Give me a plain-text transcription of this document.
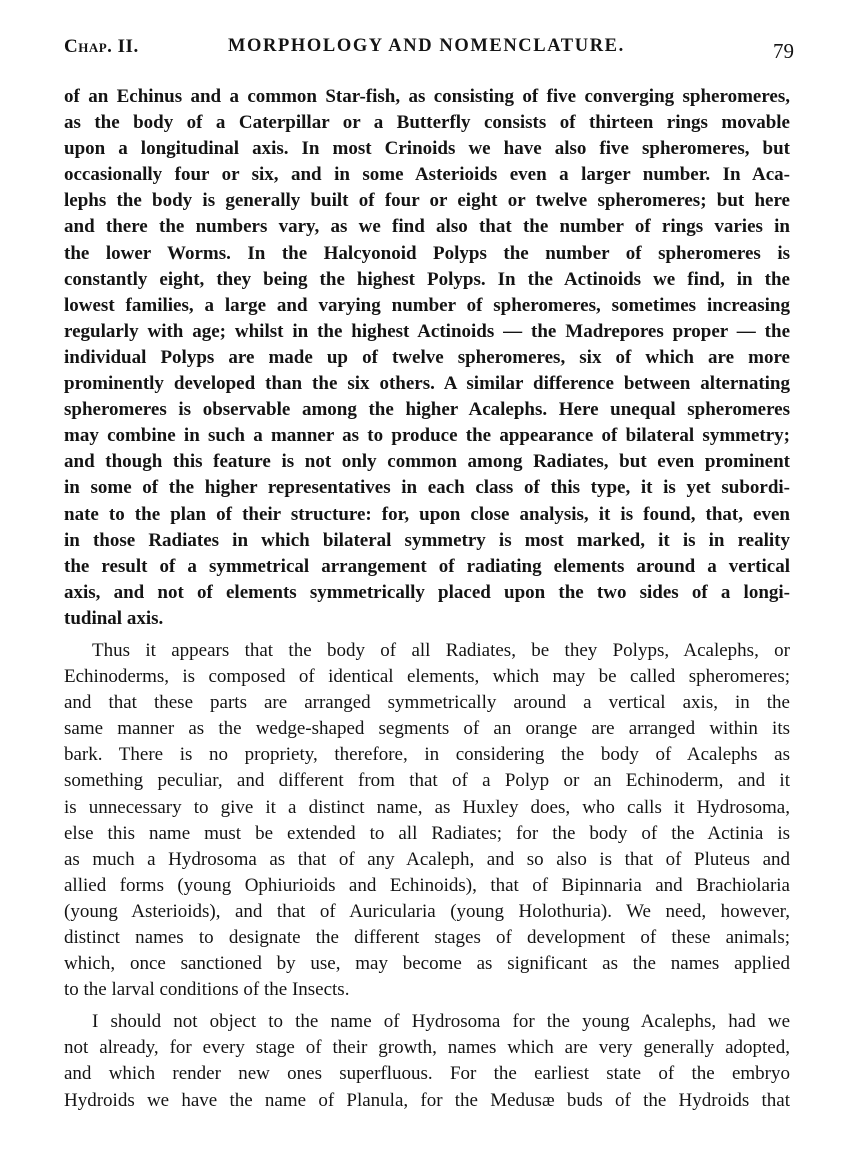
Chap. II.	MORPHOLOGY AND NOMENCLATURE.	79
of an Echinus and a common Star-fish, as consisting of five converging spheromeres,
as the body of a Caterpillar or a Butterfly consists of thirteen rings movable
upon a longitudinal axis. In most Crinoids we have also five spheromeres, but
occasionally four or six, and in some Asterioids even a larger number. In Aca-
lephs the body is generally built of four or eight or twelve spheromeres; but here
and there the numbers vary, as we find also that the number of rings varies in
the lower Worms. In the Halcyonoid Polyps the number of spheromeres is
constantly eight, they being the highest Polyps. In the Actinoids we find, in the
lowest families, a large and varying number of spheromeres, sometimes increasing
regularly with age; whilst in the highest Actinoids — the Madrepores proper — the
individual Polyps are made up of twelve spheromeres, six of which are more
prominently developed than the six others. A similar difference between alternating
spheromeres is observable among the higher Acalephs. Here unequal spheromeres
may combine in such a manner as to produce the appearance of bilateral symmetry;
and though this feature is not only common among Radiates, but even prominent
in some of the higher representatives in each class of this type, it is yet subordi-
nate to the plan of their structure: for, upon close analysis, it is found, that, even
in those Radiates in which bilateral symmetry is most marked, it is in reality
the result of a symmetrical arrangement of radiating elements around a vertical
axis, and not of elements symmetrically placed upon the two sides of a longi-
tudinal axis.
Thus it appears that the body of all Radiates, be they Polyps, Acalephs, or
Echinoderms, is composed of identical elements, which may be called spheromeres;
and that these parts are arranged symmetrically around a vertical axis, in the
same manner as the wedge-shaped segments of an orange are arranged within its
bark. There is no propriety, therefore, in considering the body of Acalephs as
something peculiar, and different from that of a Polyp or an Echinoderm, and it
is unnecessary to give it a distinct name, as Huxley does, who calls it Hydrosoma,
else this name must be extended to all Radiates; for the body of the Actinia is
as much a Hydrosoma as that of any Acaleph, and so also is that of Pluteus and
allied forms (young Ophiurioids and Echinoids), that of Bipinnaria and Brachiolaria
(young Asterioids), and that of Auricularia (young Holothuria). We need, however,
distinct names to designate the different stages of development of these animals;
which, once sanctioned by use, may become as significant as the names applied
to the larval conditions of the Insects.
I should not object to the name of Hydrosoma for the young Acalephs, had we
not already, for every stage of their growth, names which are very generally adopted,
and which render new ones superfluous. For the earliest state of the embryo
Hydroids we have the name of Planula, for the Medusæ buds of the Hydroids that
